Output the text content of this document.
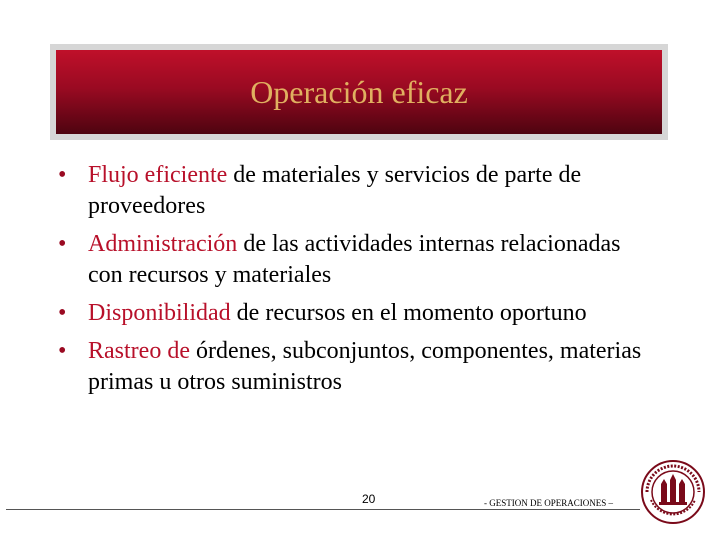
Operación eficaz
• Flujo eficiente de materiales y servicios de parte de proveedores
• Administración de las actividades internas relacionadas con recursos y materiales
• Disponibilidad de recursos en el momento oportuno
• Rastreo de órdenes, subconjuntos, componentes, materias primas u otros suministros
20	- GESTION DE OPERACIONES –
